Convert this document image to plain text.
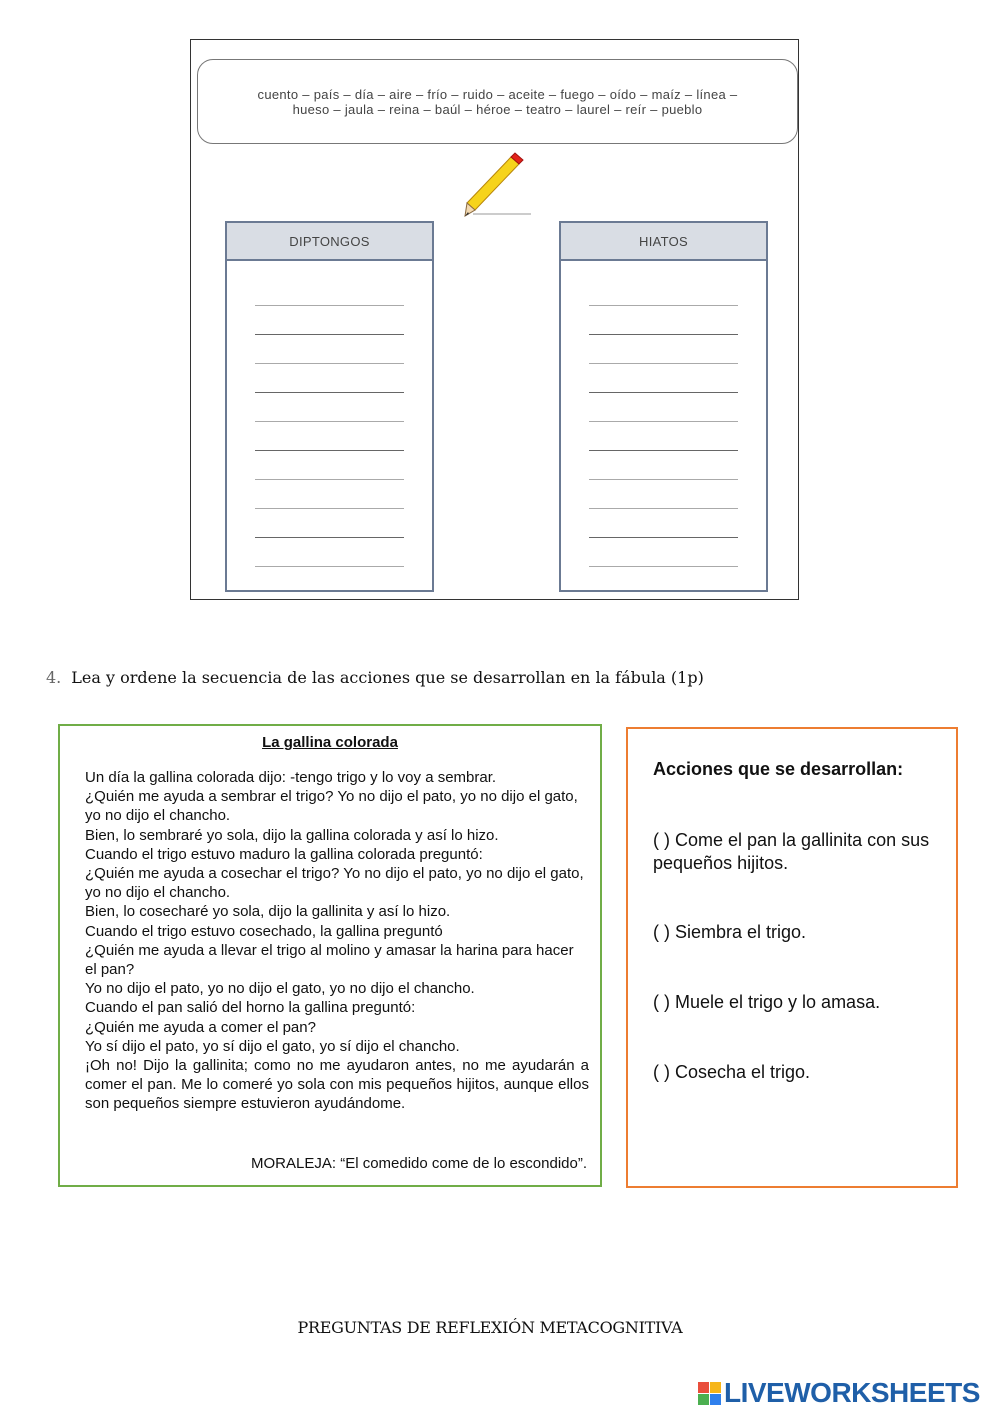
cuento – país – día – aire – frío – ruido – aceite – fuego – oído – maíz – línea –
hueso – jaula – reina – baúl – héroe – teatro – laurel – reír – pueblo
DIPTONGOS	HIATOS
4. Lea y ordene la secuencia de las acciones que se desarrollan en la fábula (1p)
La gallina colorada

Un día la gallina colorada dijo: -tengo trigo y lo voy a sembrar.

¿Quién me ayuda a sembrar el trigo? Yo no dijo el pato, yo no dijo el gato, yo no dijo el chancho.

Bien, lo sembraré yo sola, dijo la gallina colorada y así lo hizo.

Cuando el trigo estuvo maduro la gallina colorada preguntó:

¿Quién me ayuda a cosechar el trigo? Yo no dijo el pato, yo no dijo el gato, yo no dijo el chancho.

Bien, lo cosecharé yo sola, dijo la gallinita y así lo hizo.

Cuando el trigo estuvo cosechado, la gallina preguntó

¿Quién me ayuda a llevar el trigo al molino y amasar la harina para hacer el pan?

Yo no dijo el pato, yo no dijo el gato, yo no dijo el chancho.

Cuando el pan salió del horno la gallina preguntó:

¿Quién me ayuda a comer el pan?

Yo sí dijo el pato, yo sí dijo el gato, yo sí dijo el chancho.

¡Oh no! Dijo la gallinita; como no me ayudaron antes, no me ayudarán a comer el pan. Me lo comeré yo sola con mis pequeños hijitos, aunque ellos son pequeños siempre estuvieron ayudándome.

MORALEJA: “El comedido come de lo escondido”.
Acciones que se desarrollan:
( ) Come el pan la gallinita con sus pequeños hijitos.
( ) Siembra el trigo.
( ) Muele el trigo y lo amasa.
( ) Cosecha el trigo.
PREGUNTAS DE REFLEXIÓN METACOGNITIVA
LIVEWORKSHEETS
